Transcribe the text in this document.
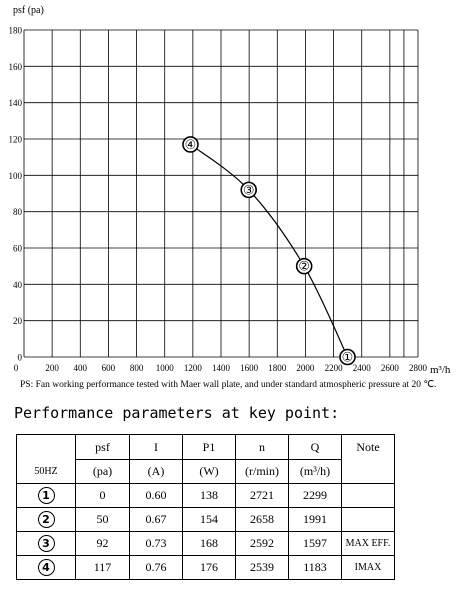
0
20
40
60
80
100
120
140
160
180
0	200 400 600 800 1000 1200 1400 1600 1800 2000 2200 2400 2600 2800
psf (pa)
m³/h
④
③
②
①
PS: Fan working performance tested with Maer wall plate, and under standard atmospheric pressure at 20 ℃.
Performance parameters at key point:
	psf	I	P1	n	Q	Note
50HZ	(pa)	(A)	(W)	(r/min)	(m³/h)	
1	0	0.60	138	2721	2299	
2	50	0.67	154	2658	1991	
3	92	0.73	168	2592	1597	MAX EFF.
4	117	0.76	176	2539	1183	IMAX
